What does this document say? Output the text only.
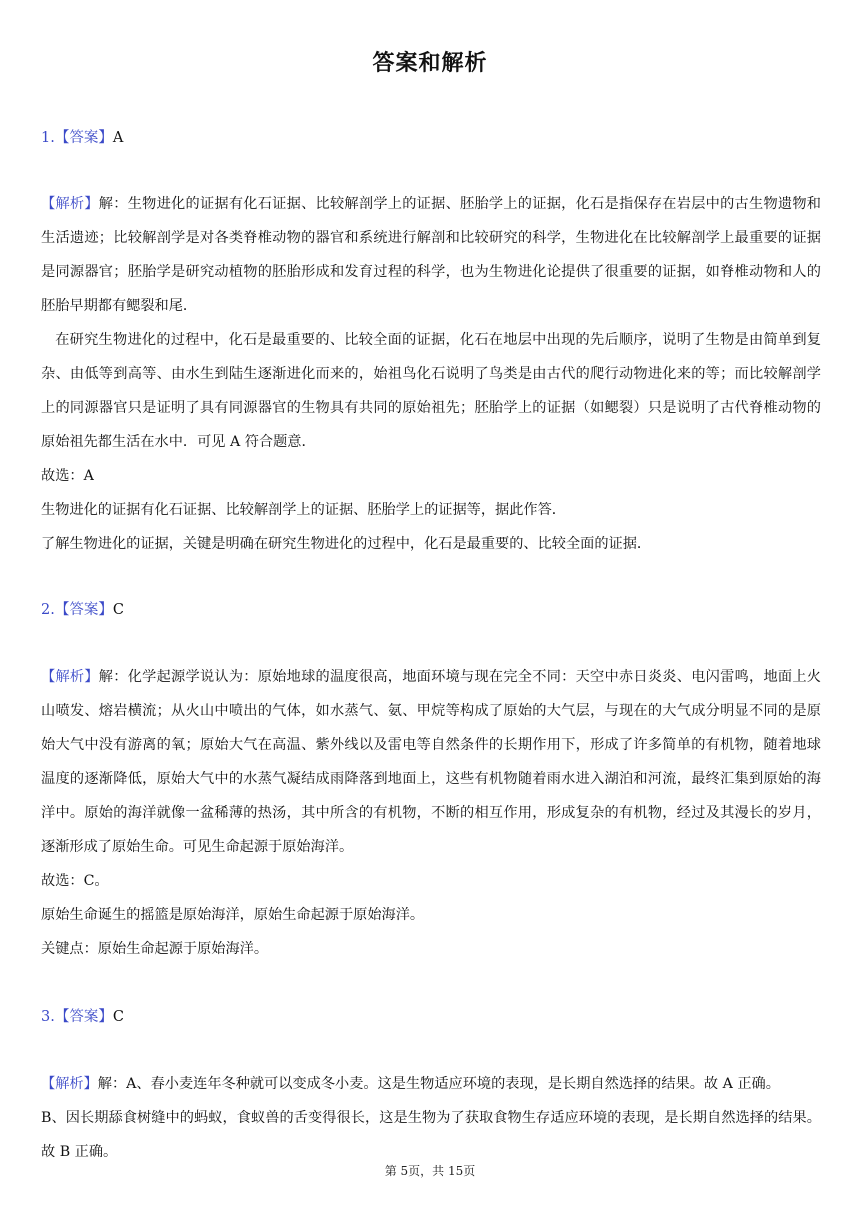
答案和解析
1.【答案】A

【解析】解：生物进化的证据有化石证据、比较解剖学上的证据、胚胎学上的证据，化石是指保存在岩层中的古生物遗物和生活遗迹；比较解剖学是对各类脊椎动物的器官和系统进行解剖和比较研究的科学，生物进化在比较解剖学上最重要的证据是同源器官；胚胎学是研究动植物的胚胎形成和发育过程的科学，也为生物进化论提供了很重要的证据，如脊椎动物和人的胚胎早期都有鳃裂和尾．

在研究生物进化的过程中，化石是最重要的、比较全面的证据，化石在地层中出现的先后顺序，说明了生物是由简单到复杂、由低等到高等、由水生到陆生逐渐进化而来的，始祖鸟化石说明了鸟类是由古代的爬行动物进化来的等；而比较解剖学上的同源器官只是证明了具有同源器官的生物具有共同的原始祖先；胚胎学上的证据（如鳃裂）只是说明了古代脊椎动物的原始祖先都生活在水中．可见 A 符合题意．

故选：A

生物进化的证据有化石证据、比较解剖学上的证据、胚胎学上的证据等，据此作答．

了解生物进化的证据，关键是明确在研究生物进化的过程中，化石是最重要的、比较全面的证据．

2.【答案】C

【解析】解：化学起源学说认为：原始地球的温度很高，地面环境与现在完全不同：天空中赤日炎炎、电闪雷鸣，地面上火山喷发、熔岩横流；从火山中喷出的气体，如水蒸气、氨、甲烷等构成了原始的大气层，与现在的大气成分明显不同的是原始大气中没有游离的氧；原始大气在高温、紫外线以及雷电等自然条件的长期作用下，形成了许多简单的有机物，随着地球温度的逐渐降低，原始大气中的水蒸气凝结成雨降落到地面上，这些有机物随着雨水进入湖泊和河流，最终汇集到原始的海洋中。原始的海洋就像一盆稀薄的热汤，其中所含的有机物，不断的相互作用，形成复杂的有机物，经过及其漫长的岁月，逐渐形成了原始生命。可见生命起源于原始海洋。

故选：C。

原始生命诞生的摇篮是原始海洋，原始生命起源于原始海洋。

关键点：原始生命起源于原始海洋。

3.【答案】C

【解析】解：A、春小麦连年冬种就可以变成冬小麦。这是生物适应环境的表现，是长期自然选择的结果。故 A 正确。

B、因长期舔食树缝中的蚂蚁，食蚁兽的舌变得很长，这是生物为了获取食物生存适应环境的表现，是长期自然选择的结果。故 B 正确。

第 5页，共 15页
